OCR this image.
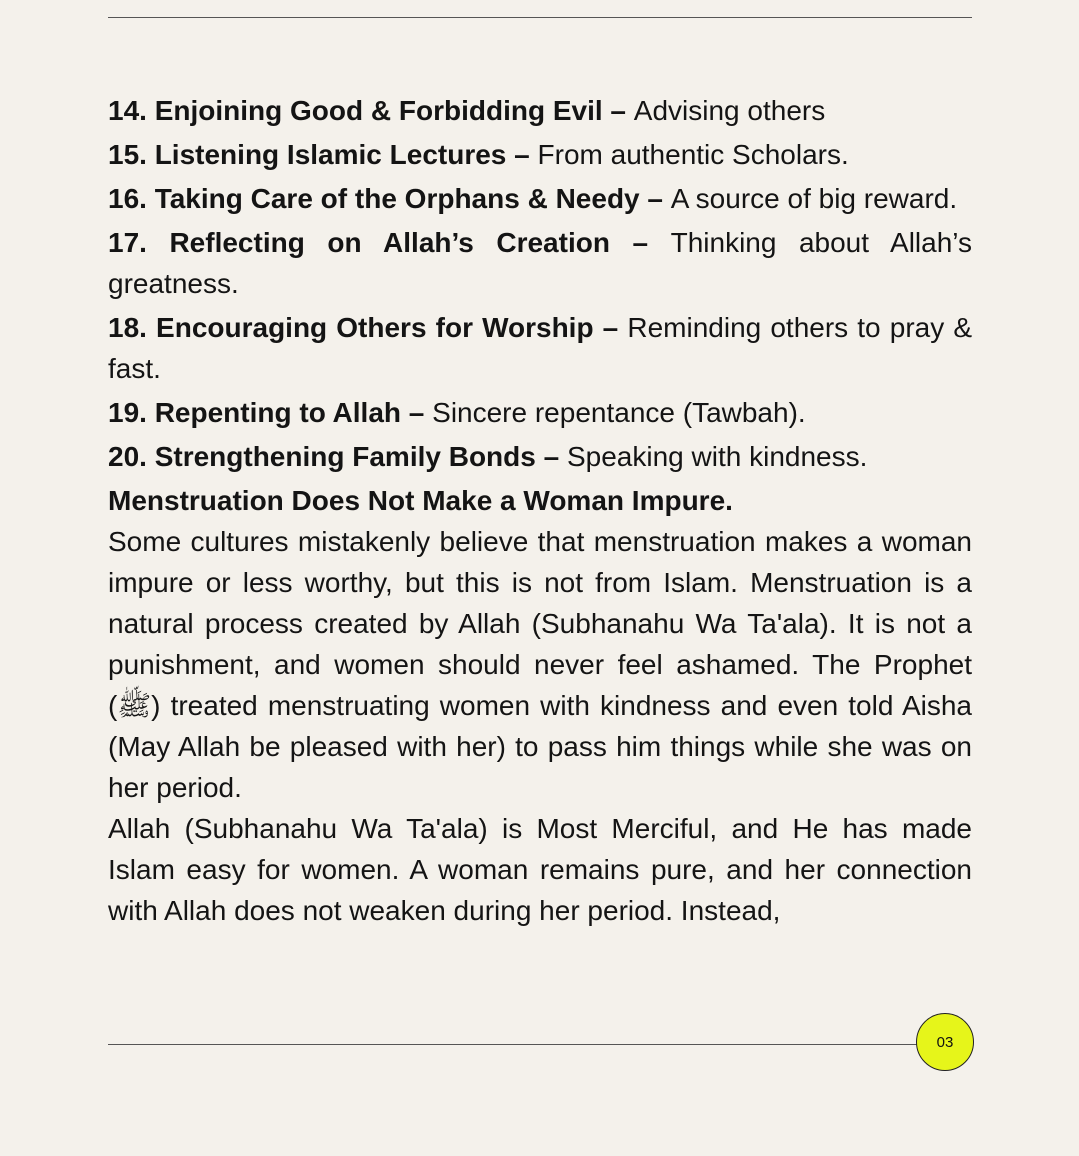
14. Enjoining Good & Forbidding Evil – Advising others

15. Listening Islamic Lectures – From authentic Scholars.

16. Taking Care of the Orphans & Needy – A source of big reward.

17. Reflecting on Allah’s Creation – Thinking about Allah’s greatness.

18. Encouraging Others for Worship – Reminding others to pray & fast.

19. Repenting to Allah – Sincere repentance (Tawbah).

20. Strengthening Family Bonds – Speaking with kindness.

Menstruation Does Not Make a Woman Impure.

Some cultures mistakenly believe that menstruation makes a woman impure or less worthy, but this is not from Islam. Menstruation is a natural process created by Allah (Subhanahu Wa Ta'ala). It is not a punishment, and women should never feel ashamed. The Prophet (ﷺ) treated menstruating women with kindness and even told Aisha (May Allah be pleased with her) to pass him things while she was on her period.

Allah (Subhanahu Wa Ta'ala) is Most Merciful, and He has made Islam easy for women. A woman remains pure, and her connection with Allah does not weaken during her period. Instead,

03
